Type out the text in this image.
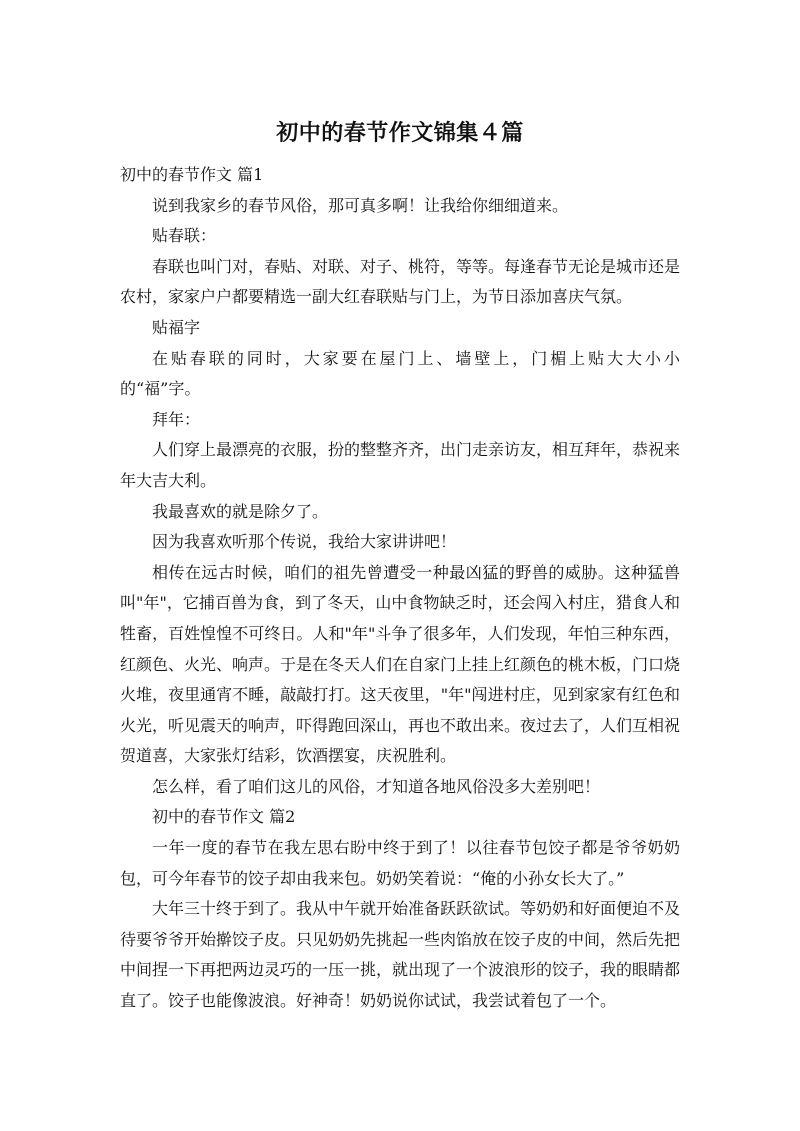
初中的春节作文锦集４篇

初中的春节作文 篇1

说到我家乡的春节风俗，那可真多啊！让我给你细细道来。

贴春联：

春联也叫门对，春贴、对联、对子、桃符，等等。每逢春节无论是城市还是农村，家家户户都要精选一副大红春联贴与门上，为节日添加喜庆气氛。

贴福字

在贴春联的同时，大家要在屋门上、墙壁上，门楣上贴大大小小的“福”字。

拜年：

人们穿上最漂亮的衣服，扮的整整齐齐，出门走亲访友，相互拜年，恭祝来年大吉大利。

我最喜欢的就是除夕了。

因为我喜欢听那个传说，我给大家讲讲吧！

相传在远古时候，咱们的祖先曾遭受一种最凶猛的野兽的威胁。这种猛兽叫"年"，它捕百兽为食，到了冬天，山中食物缺乏时，还会闯入村庄，猎食人和牲畜，百姓惶惶不可终日。人和"年"斗争了很多年，人们发现，年怕三种东西，红颜色、火光、响声。于是在冬天人们在自家门上挂上红颜色的桃木板，门口烧火堆，夜里通宵不睡，敲敲打打。这天夜里，"年"闯进村庄，见到家家有红色和火光，听见震天的响声，吓得跑回深山，再也不敢出来。夜过去了，人们互相祝贺道喜，大家张灯结彩，饮酒摆宴，庆祝胜利。

怎么样，看了咱们这儿的风俗，才知道各地风俗没多大差别吧！

初中的春节作文 篇2

一年一度的春节在我左思右盼中终于到了！以往春节包饺子都是爷爷奶奶包，可今年春节的饺子却由我来包。奶奶笑着说：“俺的小孙女长大了。”

大年三十终于到了。我从中午就开始准备跃跃欲试。等奶奶和好面便迫不及待要爷爷开始擀饺子皮。只见奶奶先挑起一些肉馅放在饺子皮的中间，然后先把中间捏一下再把两边灵巧的一压一挑，就出现了一个波浪形的饺子，我的眼睛都直了。饺子也能像波浪。好神奇！奶奶说你试试，我尝试着包了一个。
